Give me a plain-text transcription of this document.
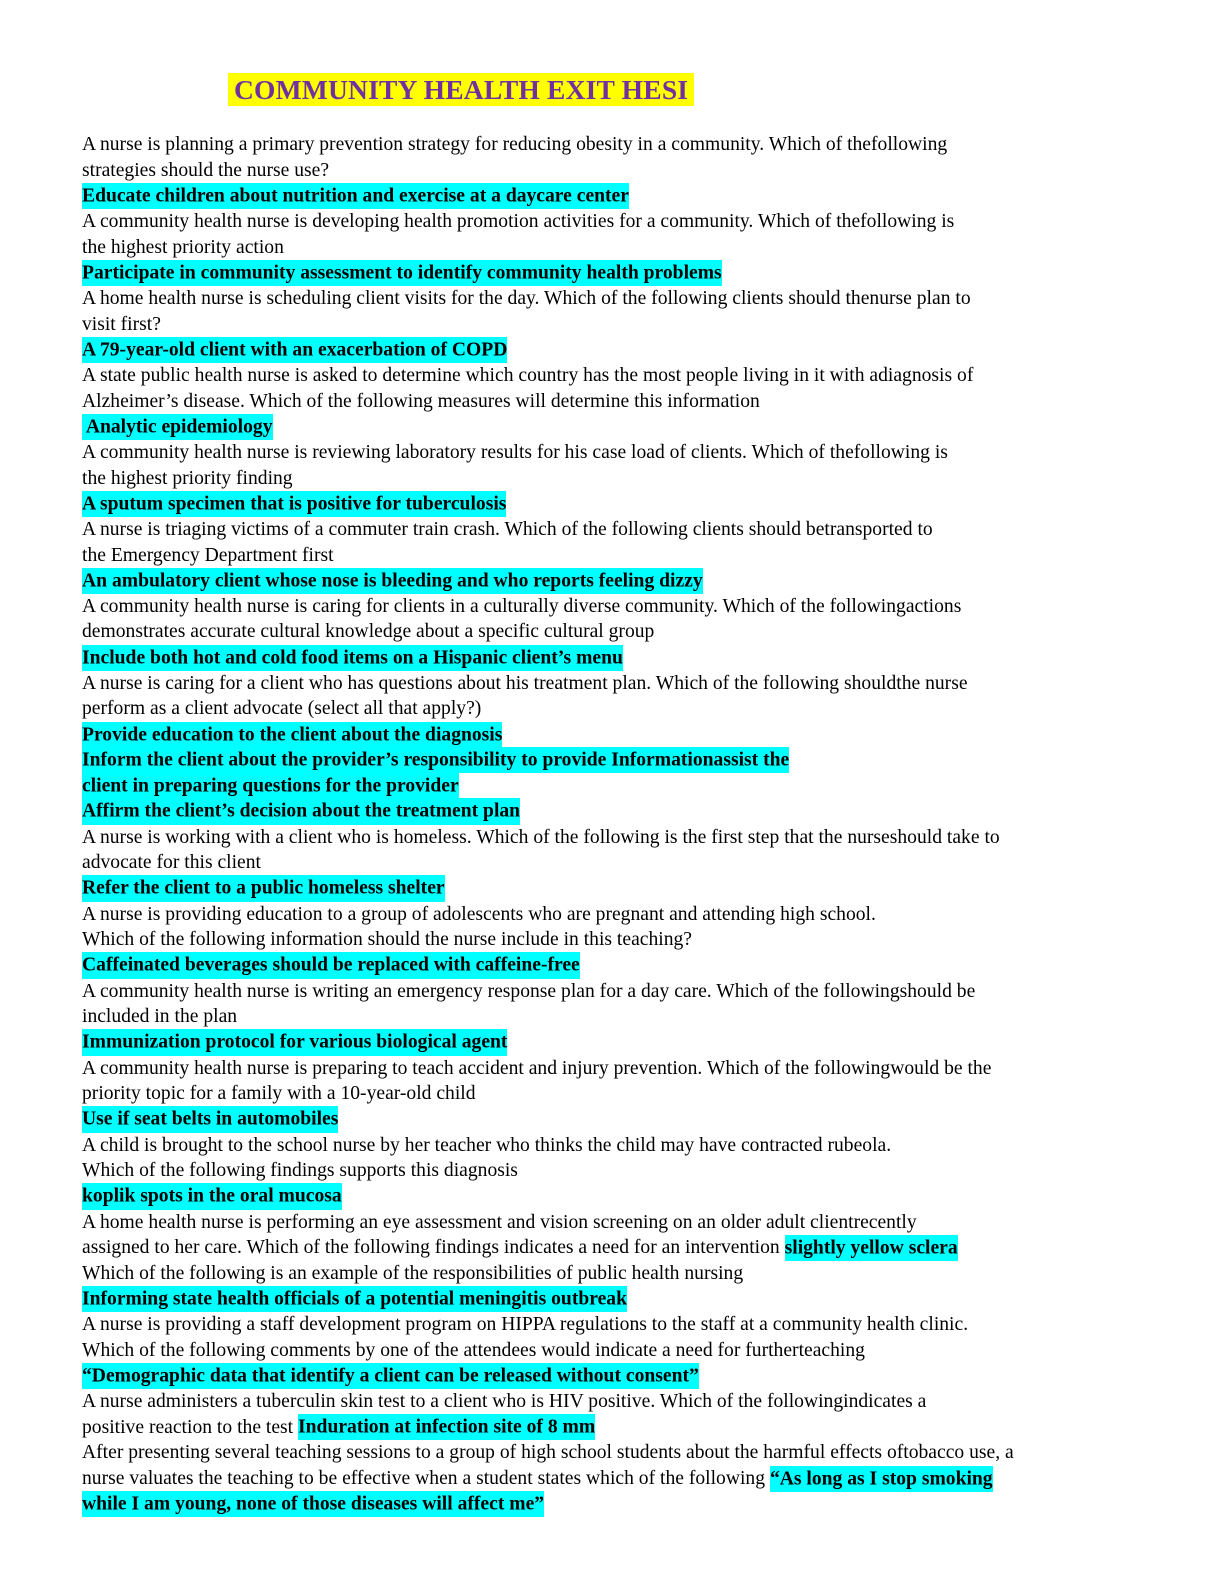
COMMUNITY HEALTH EXIT HESI
A nurse is planning a primary prevention strategy for reducing obesity in a community. Which of thefollowing
strategies should the nurse use?
Educate children about nutrition and exercise at a daycare center
A community health nurse is developing health promotion activities for a community. Which of thefollowing is
the highest priority action
Participate in community assessment to identify community health problems
A home health nurse is scheduling client visits for the day. Which of the following clients should thenurse plan to
visit first?
A 79-year-old client with an exacerbation of COPD
A state public health nurse is asked to determine which country has the most people living in it with adiagnosis of
Alzheimer’s disease. Which of the following measures will determine this information
Analytic epidemiology
A community health nurse is reviewing laboratory results for his case load of clients. Which of thefollowing is
the highest priority finding
A sputum specimen that is positive for tuberculosis
A nurse is triaging victims of a commuter train crash. Which of the following clients should betransported to
the Emergency Department first
An ambulatory client whose nose is bleeding and who reports feeling dizzy
A community health nurse is caring for clients in a culturally diverse community. Which of the followingactions
demonstrates accurate cultural knowledge about a specific cultural group
Include both hot and cold food items on a Hispanic client’s menu
A nurse is caring for a client who has questions about his treatment plan. Which of the following shouldthe nurse
perform as a client advocate (select all that apply?)
Provide education to the client about the diagnosis
Inform the client about the provider’s responsibility to provide Informationassist the
client in preparing questions for the provider
Affirm the client’s decision about the treatment plan
A nurse is working with a client who is homeless. Which of the following is the first step that the nurseshould take to
advocate for this client
Refer the client to a public homeless shelter
A nurse is providing education to a group of adolescents who are pregnant and attending high school.
Which of the following information should the nurse include in this teaching?
Caffeinated beverages should be replaced with caffeine-free
A community health nurse is writing an emergency response plan for a day care. Which of the followingshould be
included in the plan
Immunization protocol for various biological agent
A community health nurse is preparing to teach accident and injury prevention. Which of the followingwould be the
priority topic for a family with a 10-year-old child
Use if seat belts in automobiles
A child is brought to the school nurse by her teacher who thinks the child may have contracted rubeola.
Which of the following findings supports this diagnosis
koplik spots in the oral mucosa
A home health nurse is performing an eye assessment and vision screening on an older adult clientrecently
assigned to her care. Which of the following findings indicates a need for an intervention slightly yellow sclera
Which of the following is an example of the responsibilities of public health nursing
Informing state health officials of a potential meningitis outbreak
A nurse is providing a staff development program on HIPPA regulations to the staff at a community health clinic.
Which of the following comments by one of the attendees would indicate a need for furtherteaching
“Demographic data that identify a client can be released without consent”
A nurse administers a tuberculin skin test to a client who is HIV positive. Which of the followingindicates a
positive reaction to the test Induration at infection site of 8 mm
After presenting several teaching sessions to a group of high school students about the harmful effects oftobacco use, a
nurse valuates the teaching to be effective when a student states which of the following “As long as I stop smoking
while I am young, none of those diseases will affect me”
